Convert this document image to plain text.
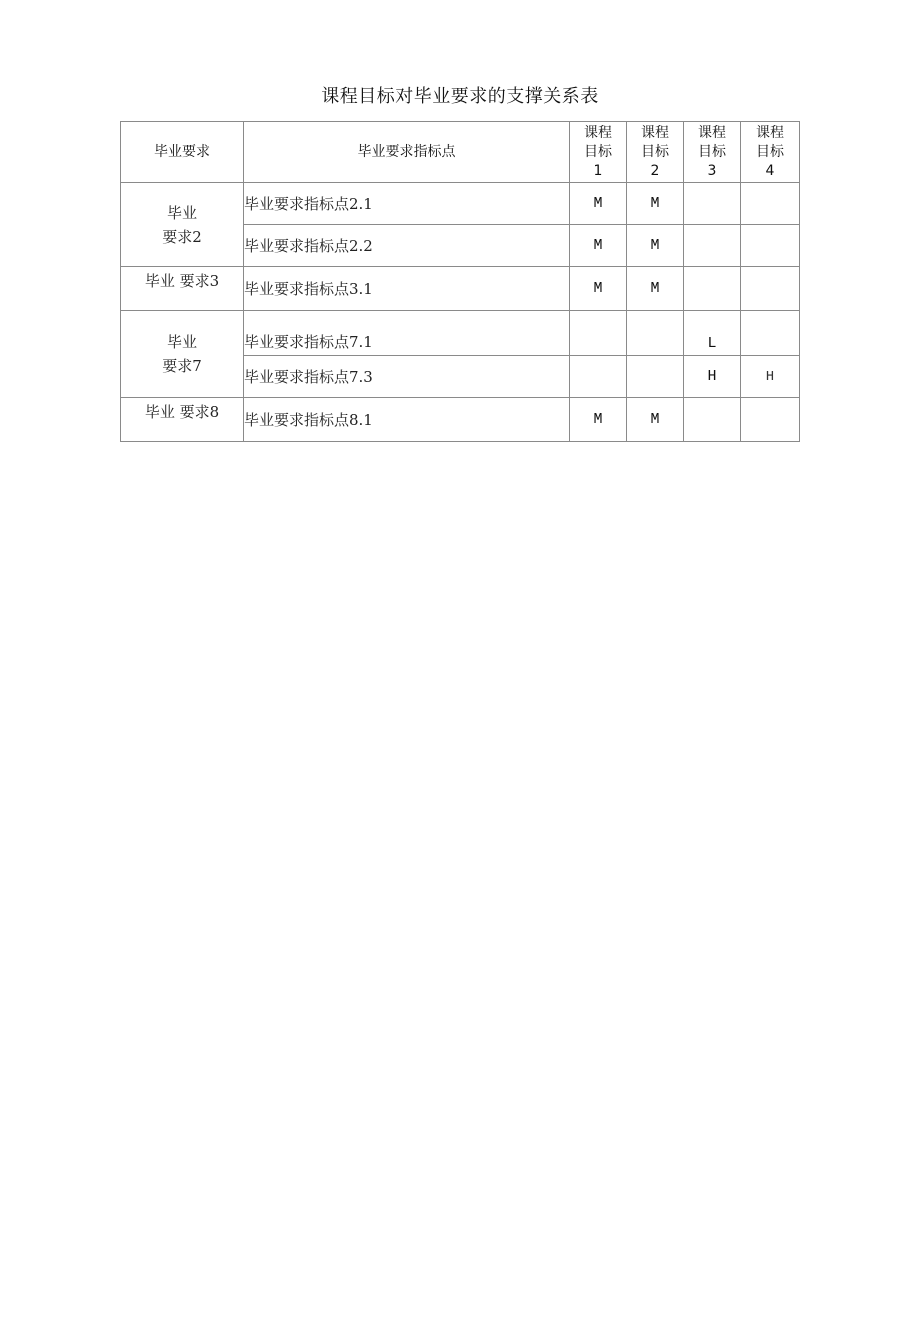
课程目标对毕业要求的支撑关系表
毕业要求	毕业要求指标点	课程目标1	课程目标2	课程目标3	课程目标4
毕业 要求2	毕业要求指标点2.1	M	M		
	毕业要求指标点2.2	M	M		
毕业 要求3	毕业要求指标点3.1	M	M		
毕业 要求7	毕业要求指标点7.1			L	
	毕业要求指标点7.3			H	H
毕业 要求8	毕业要求指标点8.1	M	M		
